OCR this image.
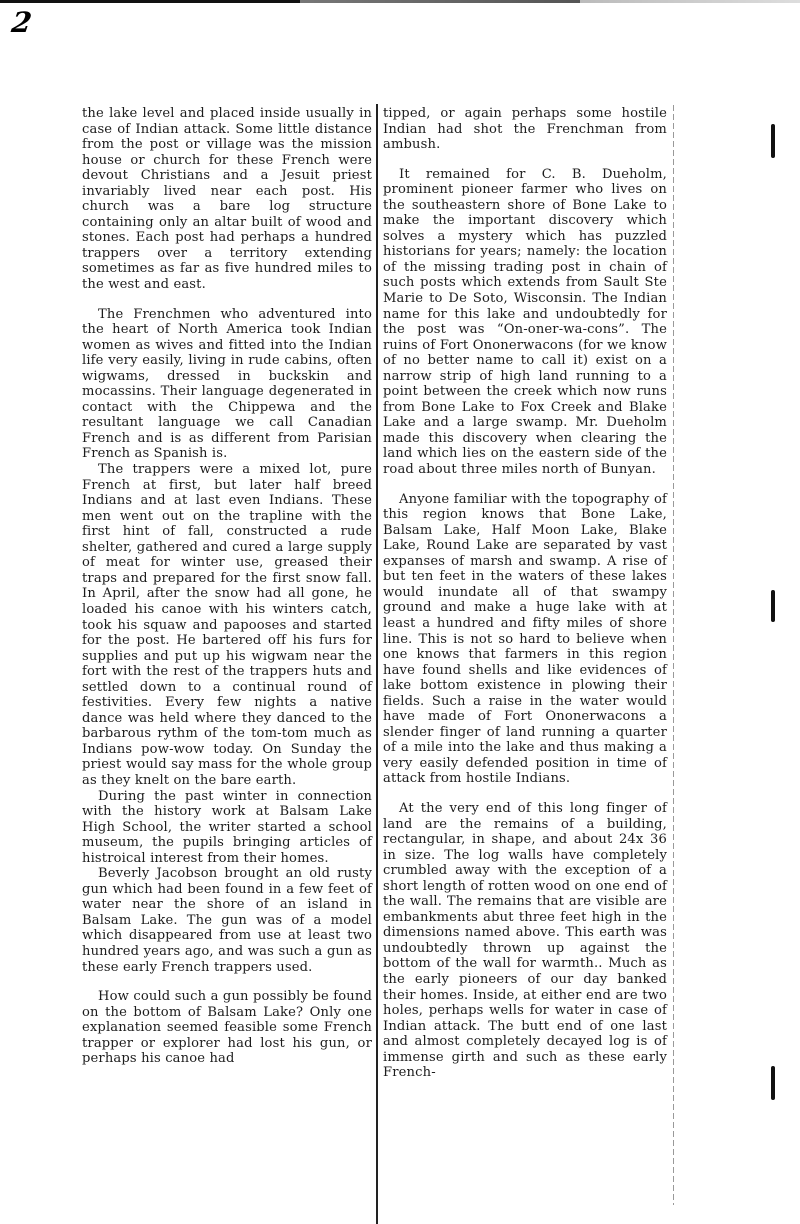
2

the lake level and placed inside usually in case of Indian attack. Some little distance from the post or village was the mission house or church for these French were devout Christians and a Jesuit priest invariably lived near each post. His church was a bare log structure containing only an altar built of wood and stones. Each post had perhaps a hundred trappers over a territory extending sometimes as far as five hundred miles to the west and east.

The Frenchmen who adventured into the heart of North America took Indian women as wives and fitted into the Indian life very easily, living in rude cabins, often wigwams, dressed in buckskin and mocassins. Their language degenerated in contact with the Chippewa and the resultant language we call Canadian French and is as different from Parisian French as Spanish is.

The trappers were a mixed lot, pure French at first, but later half breed Indians and at last even Indians. These men went out on the trapline with the first hint of fall, constructed a rude shelter, gathered and cured a large supply of meat for winter use, greased their traps and prepared for the first snow fall. In April, after the snow had all gone, he loaded his canoe with his winters catch, took his squaw and papooses and started for the post. He bartered off his furs for supplies and put up his wigwam near the fort with the rest of the trappers huts and settled down to a continual round of festivities. Every few nights a native dance was held where they danced to the barbarous rythm of the tom-tom much as Indians pow-wow today. On Sunday the priest would say mass for the whole group as they knelt on the bare earth.

During the past winter in connection with the history work at Balsam Lake High School, the writer started a school museum, the pupils bringing articles of histroical interest from their homes.

Beverly Jacobson brought an old rusty gun which had been found in a few feet of water near the shore of an island in Balsam Lake. The gun was of a model which disappeared from use at least two hundred years ago, and was such a gun as these early French trappers used.

How could such a gun possibly be found on the bottom of Balsam Lake? Only one explanation seemed feasible some French trapper or explorer had lost his gun, or perhaps his canoe had

tipped, or again perhaps some hostile Indian had shot the Frenchman from ambush.

It remained for C. B. Dueholm, prominent pioneer farmer who lives on the southeastern shore of Bone Lake to make the important discovery which solves a mystery which has puzzled historians for years; namely: the location of the missing trading post in chain of such posts which extends from Sault Ste Marie to De Soto, Wisconsin. The Indian name for this lake and undoubtedly for the post was “On-oner-wa-cons”. The ruins of Fort Ononerwacons (for we know of no better name to call it) exist on a narrow strip of high land running to a point between the creek which now runs from Bone Lake to Fox Creek and Blake Lake and a large swamp. Mr. Dueholm made this discovery when clearing the land which lies on the eastern side of the road about three miles north of Bunyan.

Anyone familiar with the topography of this region knows that Bone Lake, Balsam Lake, Half Moon Lake, Blake Lake, Round Lake are separated by vast expanses of marsh and swamp. A rise of but ten feet in the waters of these lakes would inundate all of that swampy ground and make a huge lake with at least a hundred and fifty miles of shore line. This is not so hard to believe when one knows that farmers in this region have found shells and like evidences of lake bottom existence in plowing their fields. Such a raise in the water would have made of Fort Ononerwacons a slender finger of land running a quarter of a mile into the lake and thus making a very easily defended position in time of attack from hostile Indians.

At the very end of this long finger of land are the remains of a building, rectangular, in shape, and about 24x 36 in size. The log walls have completely crumbled away with the exception of a short length of rotten wood on one end of the wall. The remains that are visible are embankments abut three feet high in the dimensions named above. This earth was undoubtedly thrown up against the bottom of the wall for warmth.. Much as the early pioneers of our day banked their homes. Inside, at either end are two holes, perhaps wells for water in case of Indian attack. The butt end of one last and almost completely decayed log is of immense girth and such as these early French-
